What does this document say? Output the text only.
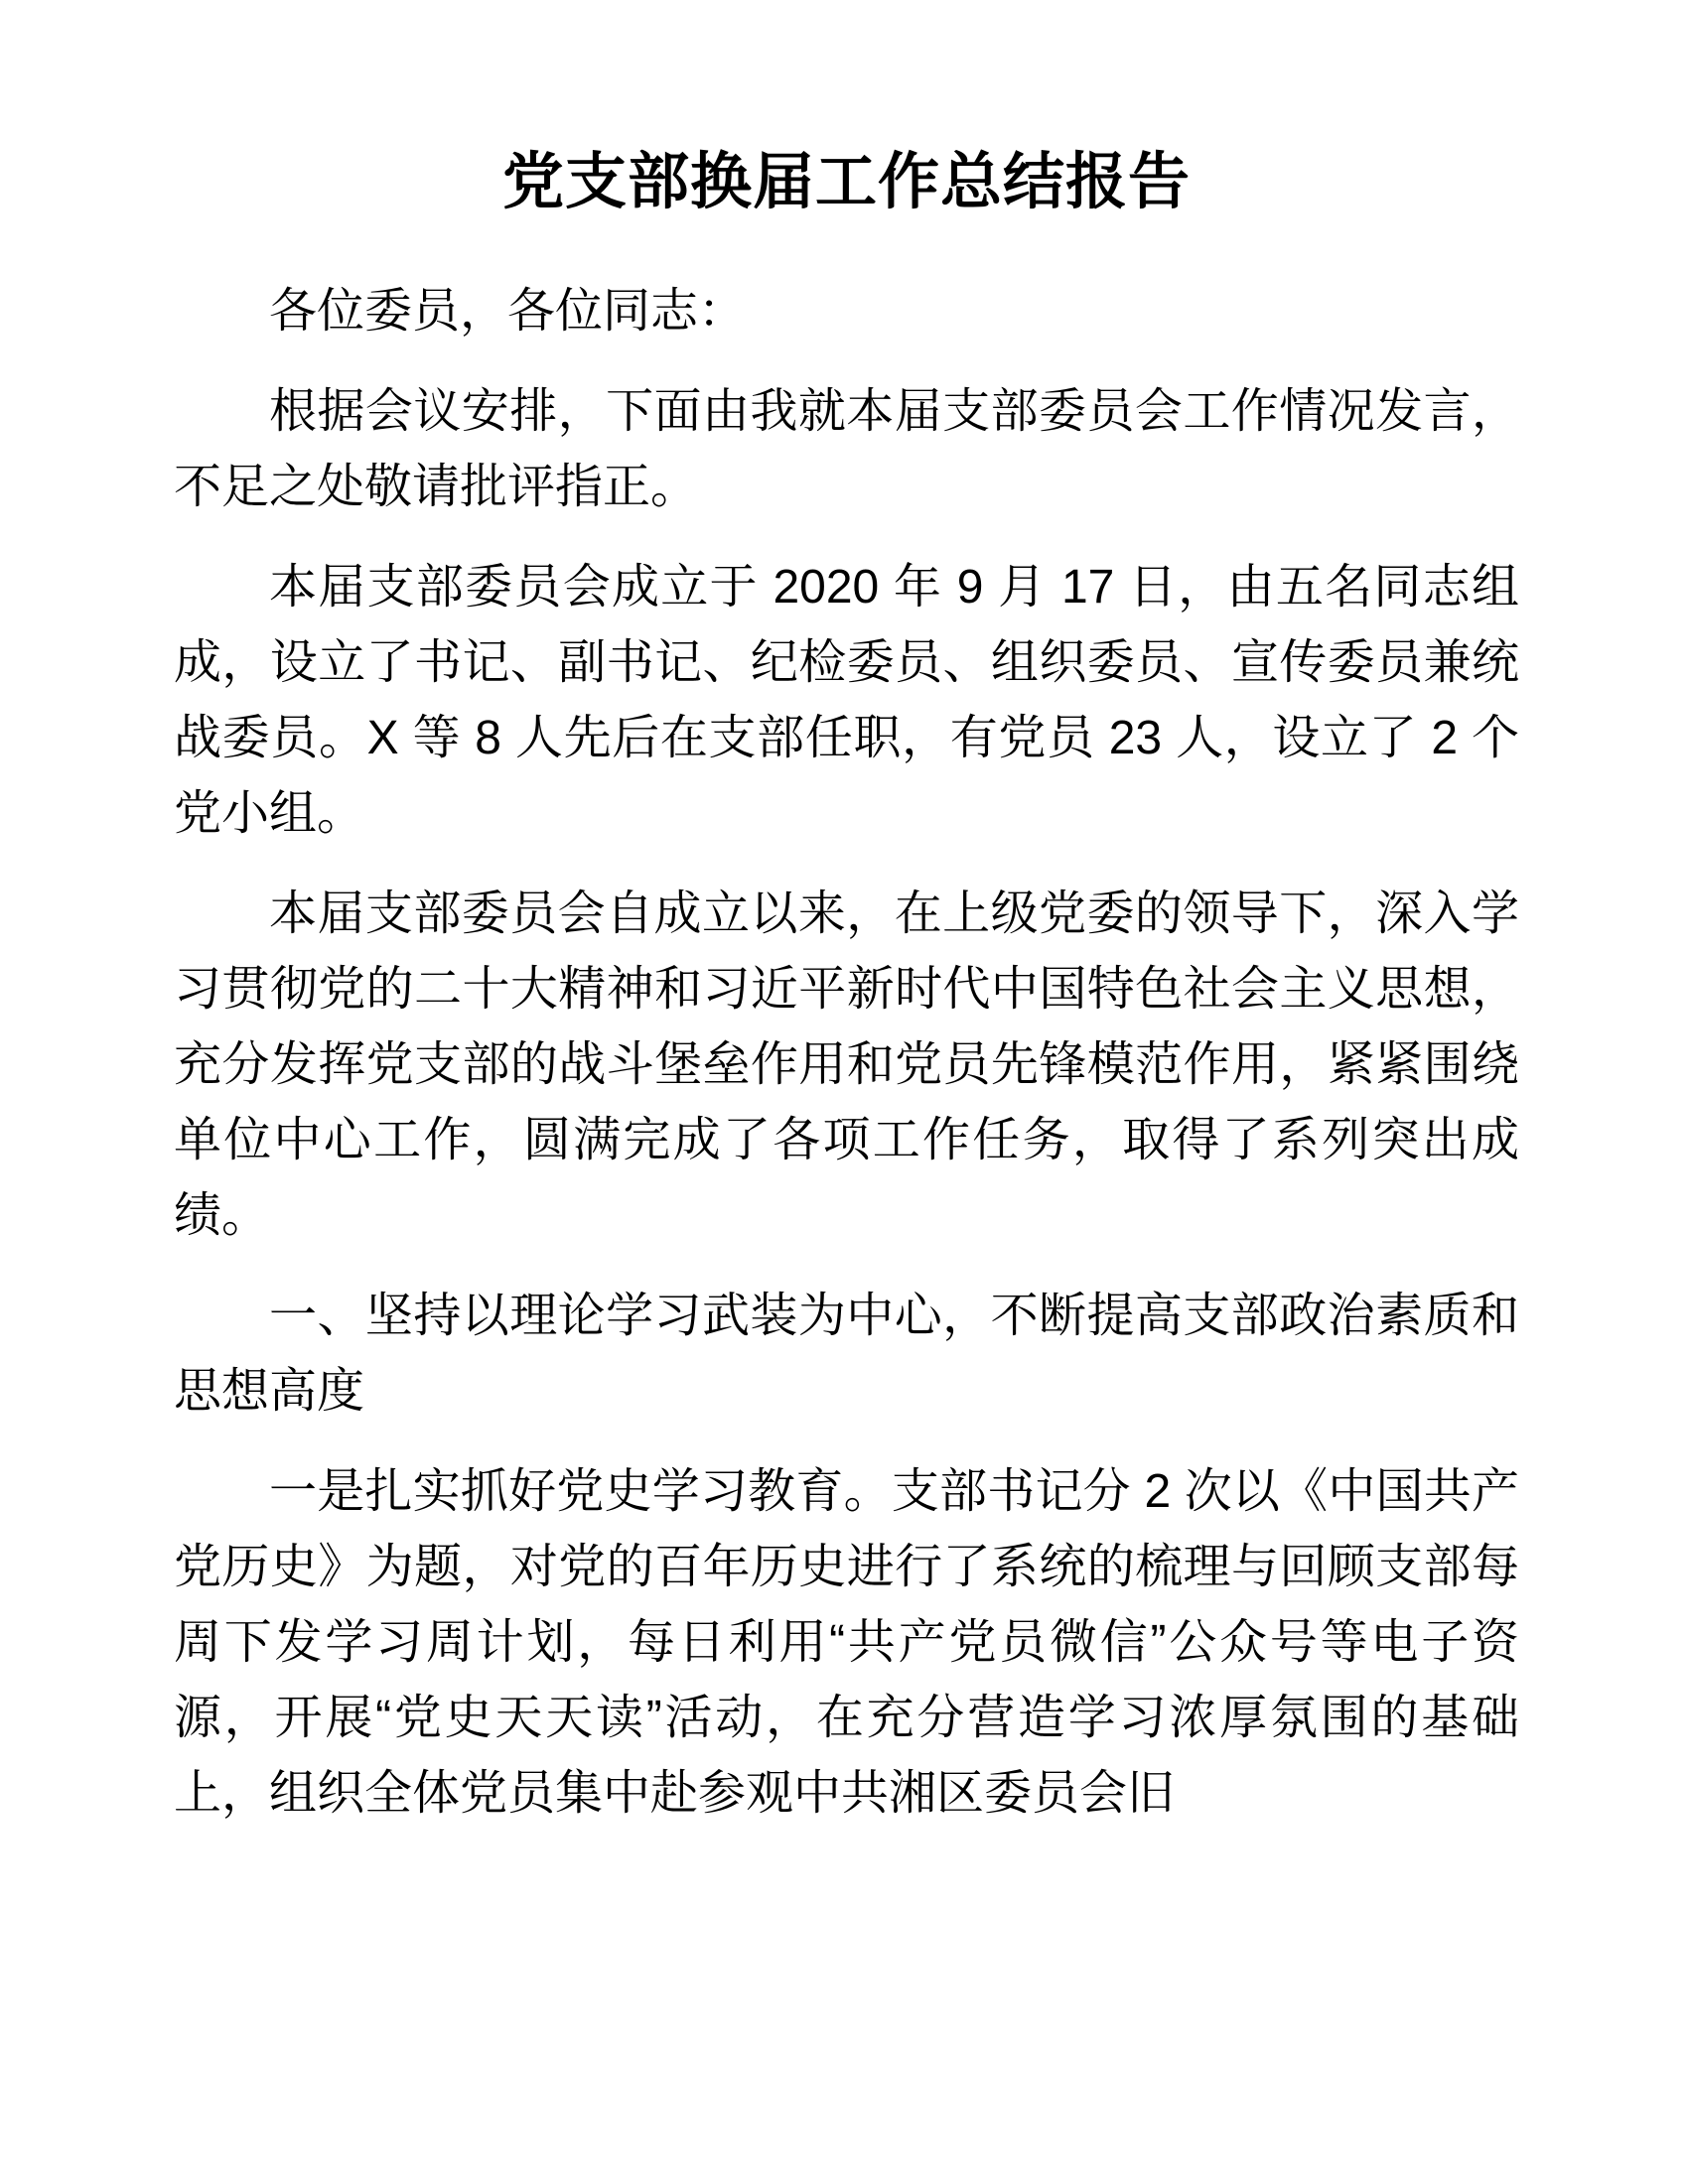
党支部换届工作总结报告

各位委员，各位同志：

根据会议安排，下面由我就本届支部委员会工作情况发言，不足之处敬请批评指正。

本届支部委员会成立于 2020 年 9 月 17 日，由五名同志组成，设立了书记、副书记、纪检委员、组织委员、宣传委员兼统战委员。X 等 8 人先后在支部任职，有党员 23 人，设立了 2 个党小组。

本届支部委员会自成立以来，在上级党委的领导下，深入学习贯彻党的二十大精神和习近平新时代中国特色社会主义思想，充分发挥党支部的战斗堡垒作用和党员先锋模范作用，紧紧围绕单位中心工作，圆满完成了各项工作任务，取得了系列突出成绩。

一、坚持以理论学习武装为中心，不断提高支部政治素质和思想高度

一是扎实抓好党史学习教育。支部书记分 2 次以《中国共产党历史》为题，对党的百年历史进行了系统的梳理与回顾支部每周下发学习周计划，每日利用“共产党员微信”公众号等电子资源，开展“党史天天读”活动，在充分营造学习浓厚氛围的基础上，组织全体党员集中赴参观中共湘区委员会旧
